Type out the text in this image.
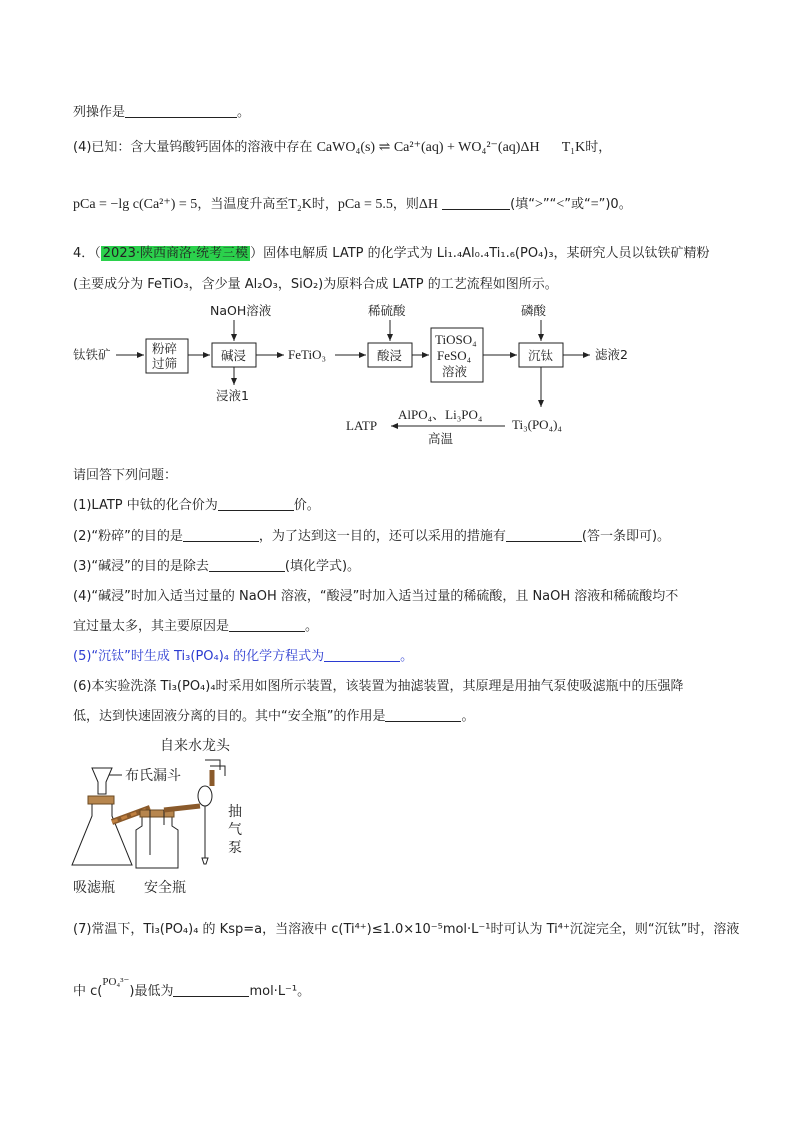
列操作是	。
(4)已知：含大量钨酸钙固体的溶液中存在 CaWO₄(s) ⇌ Ca²⁺(aq) + WO₄²⁻(aq)ΔH T₁K时，
pCa = −lg c(Ca²⁺) = 5，当温度升高至T₂K时，pCa = 5.5，则ΔH	(填“>”“<”或“=”)0。
4．（ 2023·陕西商洛·统考三模 ）固体电解质 LATP 的化学式为 Li₁.₄Al₀.₄Ti₁.₆(PO₄)₃，某研究人员以钛铁矿精粉
(主要成分为 FeTiO₃，含少量 Al₂O₃，SiO₂)为原料合成 LATP 的工艺流程如图所示。
NaOH溶液	稀硫酸	磷酸
钛铁矿	粉碎
过筛
碱浸
浸液1
FeTiO₃	酸浸
TiOSO₄
FeSO₄
溶液
沉钛	滤液2
Ti₃(PO₄)₄
AlPO₄、Li₃PO₄
高温
LATP
请回答下列问题：
(1)LATP 中钛的化合价为	价。
(2)“粉碎”的目的是	，为了达到这一目的，还可以采用的措施有	(答一条即可)。
(3)“碱浸”的目的是除去	(填化学式)。
(4)“碱浸”时加入适当过量的 NaOH 溶液，“酸浸”时加入适当过量的稀硫酸，且 NaOH 溶液和稀硫酸均不
宜过量太多，其主要原因是	。
(5)“沉钛”时生成 Ti₃(PO₄)₄ 的化学方程式为	。
(6)本实验洗涤 Ti₃(PO₄)₄时采用如图所示装置，该装置为抽滤装置，其原理是用抽气泵使吸滤瓶中的压强降
低，达到快速固液分离的目的。其中“安全瓶”的作用是	。
自来水龙头
布氏漏斗
抽
气
泵
吸滤瓶 安全瓶
(7)常温下，Ti₃(PO₄)₄ 的 Ksp=a，当溶液中 c(Ti⁴⁺)≤1.0×10⁻⁵mol·L⁻¹时可认为 Ti⁴⁺沉淀完全，则“沉钛”时，溶液
中 c($^{PO_4^{3-}}$)最低为	mol·L⁻¹。
